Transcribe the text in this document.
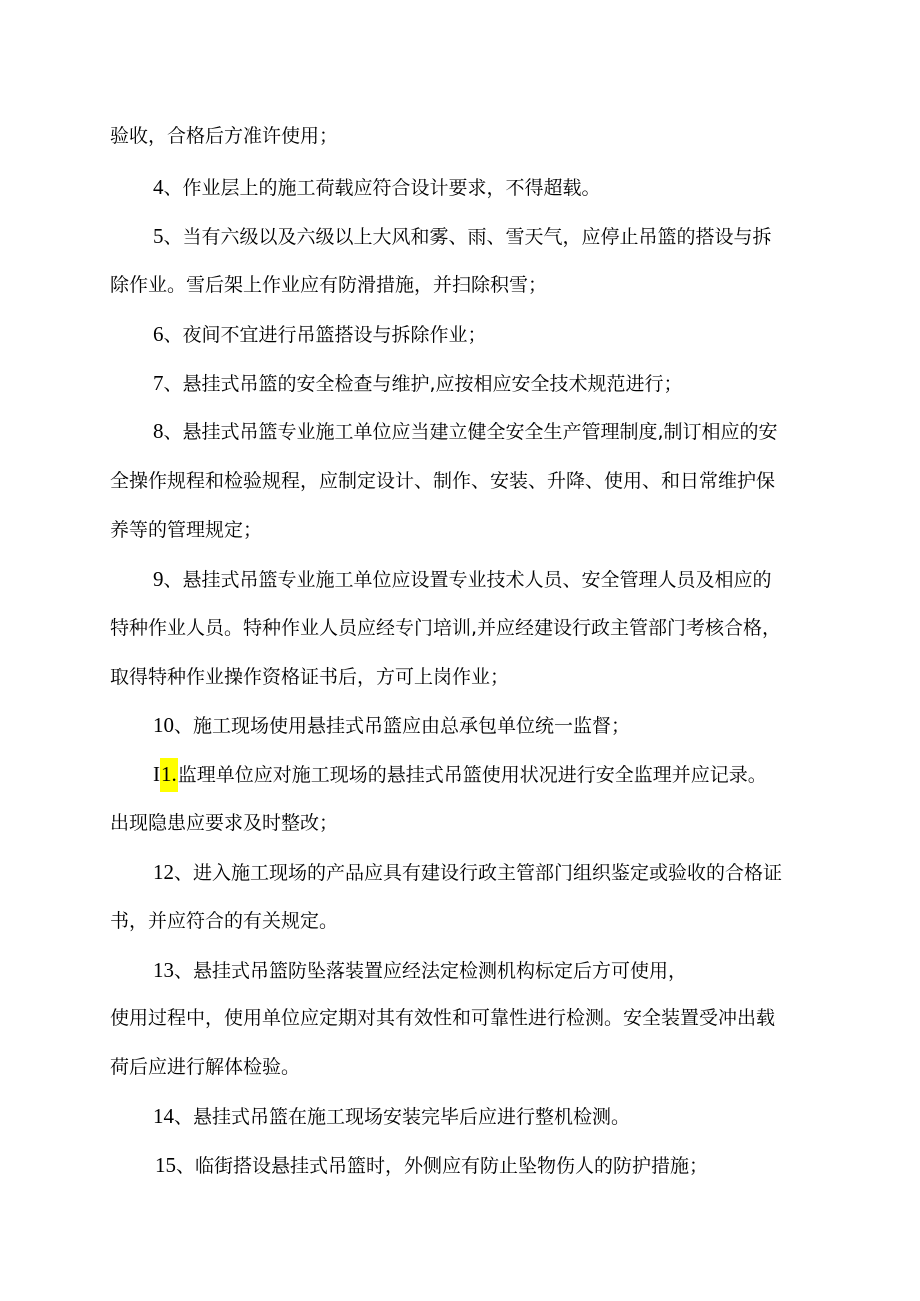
验收，合格后方准许使用；
4、作业层上的施工荷载应符合设计要求，不得超载。
5、当有六级以及六级以上大风和雾、雨、雪天气，应停止吊篮的搭设与拆
除作业。雪后架上作业应有防滑措施，并扫除积雪；
6、夜间不宜进行吊篮搭设与拆除作业；
7、悬挂式吊篮的安全检查与维护,应按相应安全技术规范进行；
8、悬挂式吊篮专业施工单位应当建立健全安全生产管理制度,制订相应的安
全操作规程和检验规程，应制定设计、制作、安装、升降、使用、和日常维护保
养等的管理规定；
9、悬挂式吊篮专业施工单位应设置专业技术人员、安全管理人员及相应的
特种作业人员。特种作业人员应经专门培训,并应经建设行政主管部门考核合格，
取得特种作业操作资格证书后，方可上岗作业；
10、施工现场使用悬挂式吊篮应由总承包单位统一监督；
I1.监理单位应对施工现场的悬挂式吊篮使用状况进行安全监理并应记录。
出现隐患应要求及时整改；
12、进入施工现场的产品应具有建设行政主管部门组织鉴定或验收的合格证
书，并应符合的有关规定。
13、悬挂式吊篮防坠落装置应经法定检测机构标定后方可使用，
使用过程中，使用单位应定期对其有效性和可靠性进行检测。安全装置受冲出载
荷后应进行解体检验。
14、悬挂式吊篮在施工现场安装完毕后应进行整机检测。
15、临街搭设悬挂式吊篮时，外侧应有防止坠物伤人的防护措施；
